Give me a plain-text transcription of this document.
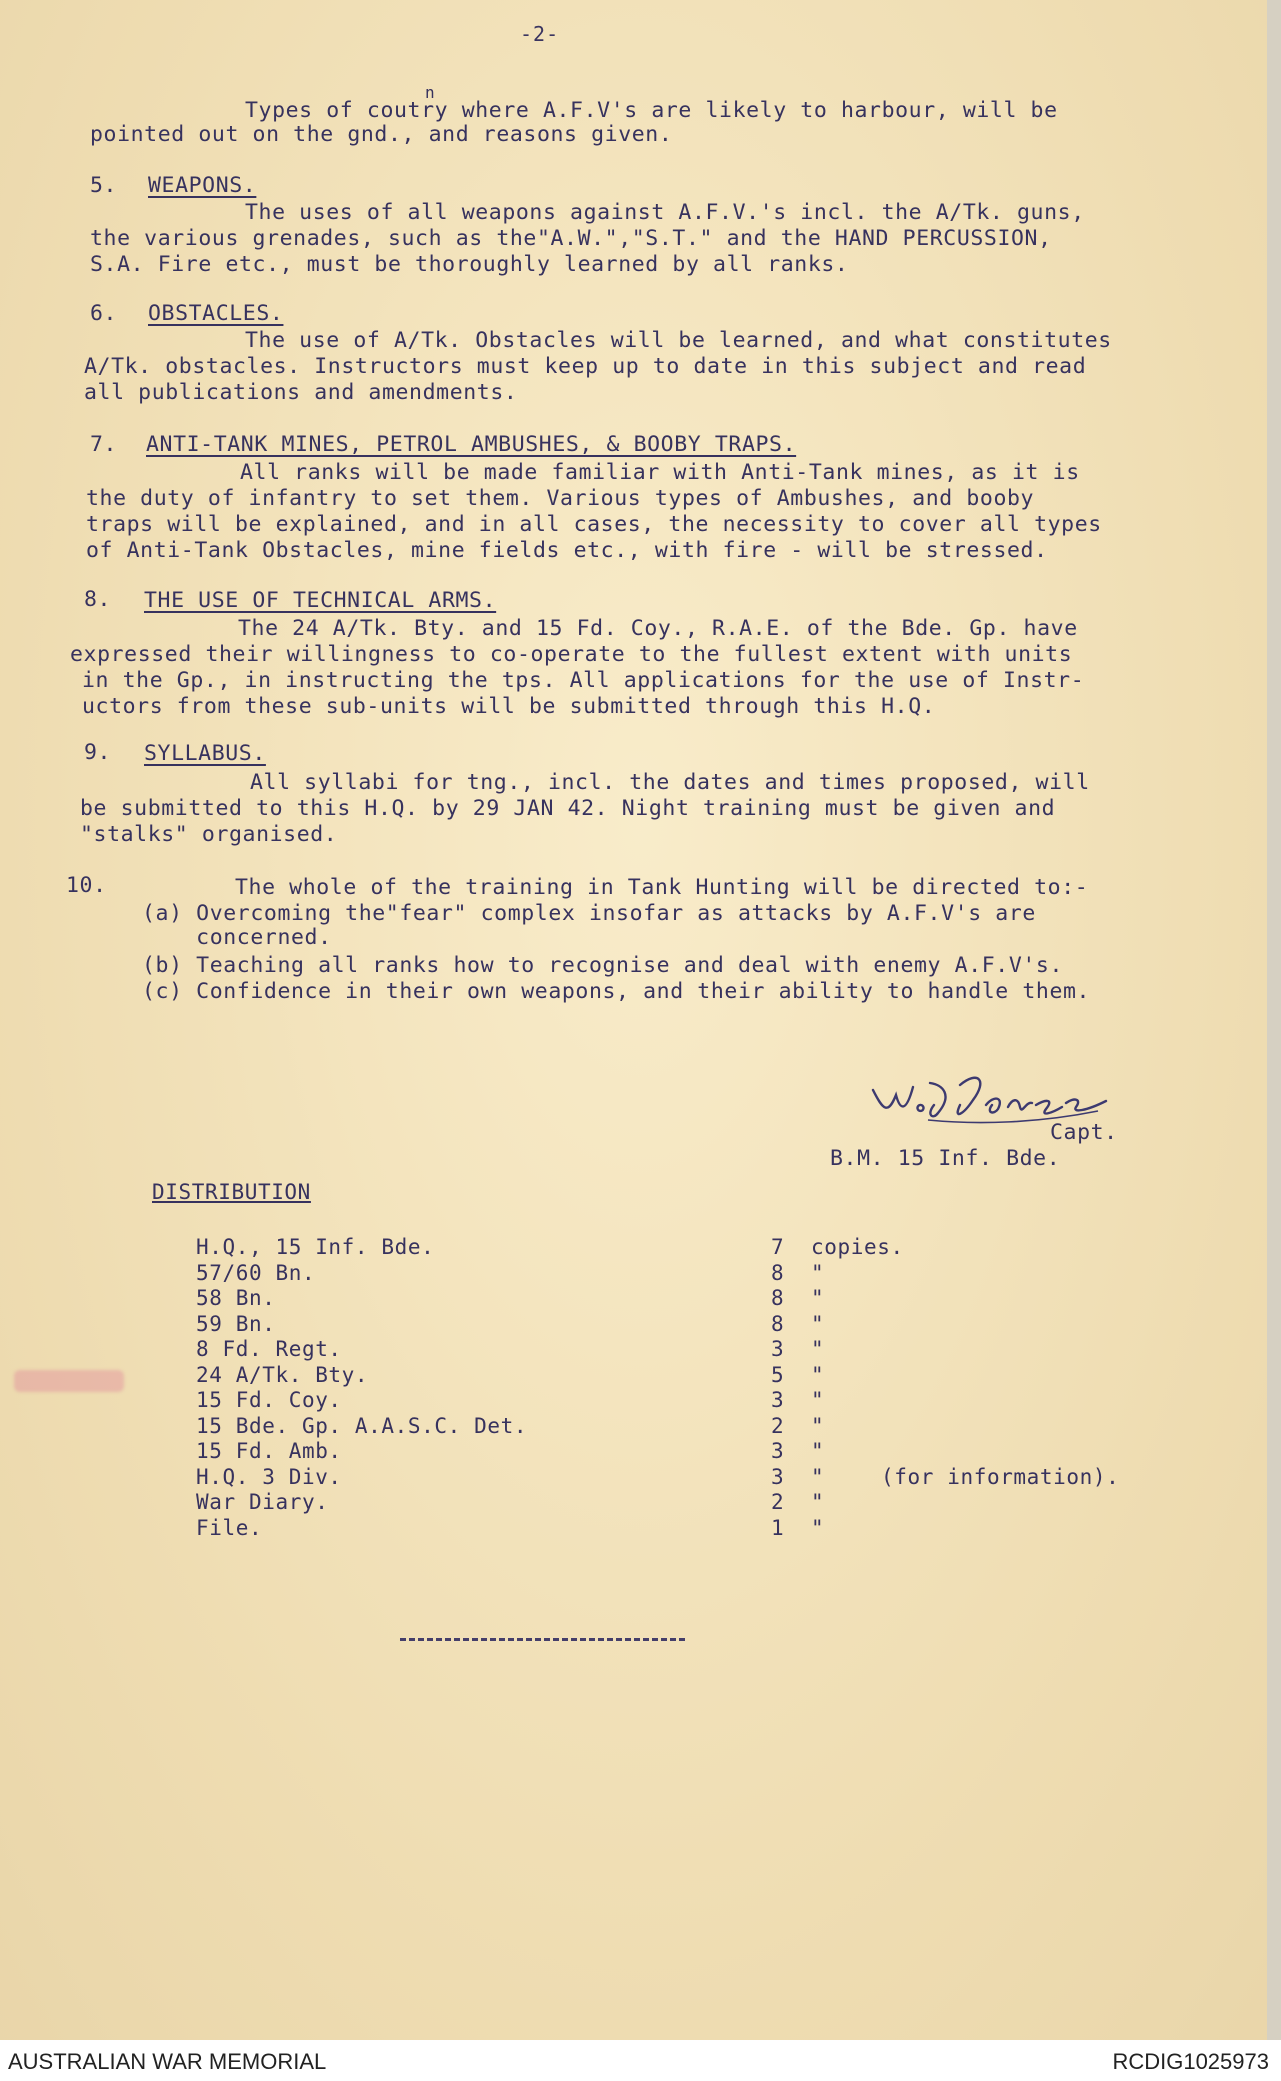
-2-
n
Types of coutry where A.F.V's are likely to harbour, will be
pointed out on the gnd., and reasons given.
5. WEAPONS.
The uses of all weapons against A.F.V.'s incl. the A/Tk. guns,
the various grenades, such as the"A.W.","S.T." and the HAND PERCUSSION,
S.A. Fire etc., must be thoroughly learned by all ranks.
6. OBSTACLES.
The use of A/Tk. Obstacles will be learned, and what constitutes
A/Tk. obstacles. Instructors must keep up to date in this subject and read
all publications and amendments.
7. ANTI-TANK MINES, PETROL AMBUSHES, & BOOBY TRAPS.
All ranks will be made familiar with Anti-Tank mines, as it is
the duty of infantry to set them. Various types of Ambushes, and booby
traps will be explained, and in all cases, the necessity to cover all types
of Anti-Tank Obstacles, mine fields etc., with fire - will be stressed.
8. THE USE OF TECHNICAL ARMS.
The 24 A/Tk. Bty. and 15 Fd. Coy., R.A.E. of the Bde. Gp. have
expressed their willingness to co-operate to the fullest extent with units
in the Gp., in instructing the tps. All applications for the use of Instr-
uctors from these sub-units will be submitted through this H.Q.
9. SYLLABUS.
All syllabi for tng., incl. the dates and times proposed, will
be submitted to this H.Q. by 29 JAN 42. Night training must be given and
"stalks" organised.
10.	The whole of the training in Tank Hunting will be directed to:-
(a) Overcoming the"fear" complex insofar as attacks by A.F.V's are
concerned.
(b) Teaching all ranks how to recognise and deal with enemy A.F.V's.
(c) Confidence in their own weapons, and their ability to handle them.
Capt.
B.M. 15 Inf. Bde.
DISTRIBUTION
H.Q., 15 Inf. Bde.	7	copies.
57/60 Bn.	8	"
58 Bn.	8	"
59 Bn.	8	"
8 Fd. Regt.	3	"
24 A/Tk. Bty.	5	"
15 Fd. Coy.	3	"
15 Bde. Gp. A.A.S.C. Det.	2	"
15 Fd. Amb.	3	"
H.Q. 3 Div.	3	"	(for information).
War Diary.	2	"
File.	1	"
AUSTRALIAN WAR MEMORIAL	RCDIG1025973
